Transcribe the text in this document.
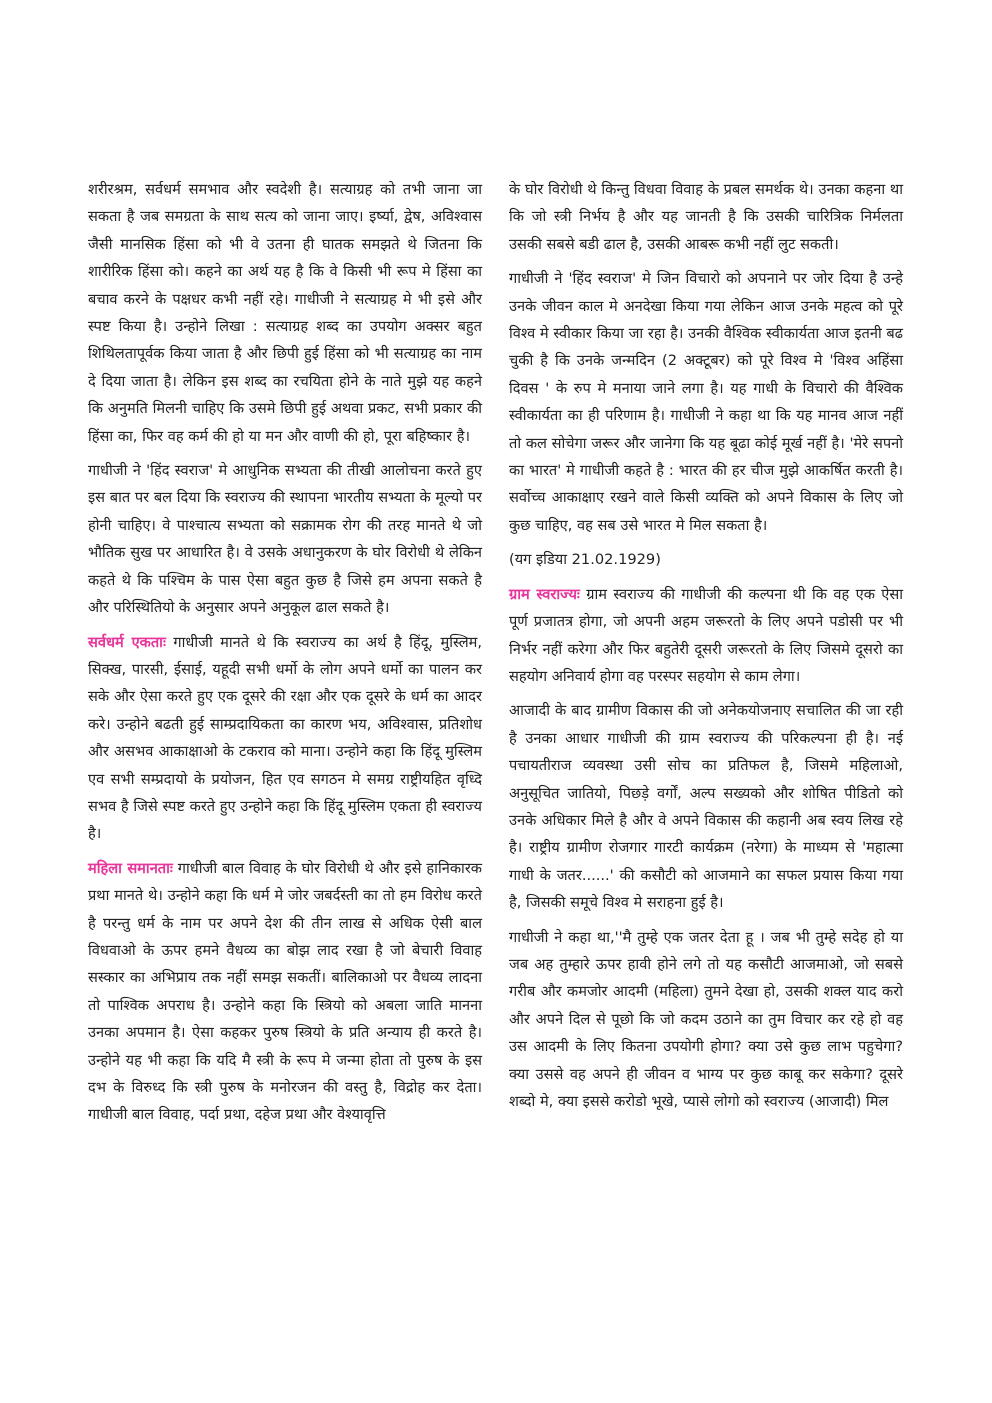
शरीरश्रम, सर्वधर्म समभाव और स्वदेशी है। सत्याग्रह को तभी जाना जा सकता है जब समग्रता के साथ सत्य को जाना जाए। इर्ष्या, द्वेष, अविश्वास जैसी मानसिक हिंसा को भी वे उतना ही घातक समझते थे जितना कि शारीरिक हिंसा को। कहने का अर्थ यह है कि वे किसी भी रूप मे हिंसा का बचाव करने के पक्षधर कभी नहीं रहे। गाधीजी ने सत्याग्रह मे भी इसे और स्पष्ट किया है। उन्होने लिखा : सत्याग्रह शब्द का उपयोग अक्सर बहुत शिथिलतापूर्वक किया जाता है और छिपी हुई हिंसा को भी सत्याग्रह का नाम दे दिया जाता है। लेकिन इस शब्द का रचयिता होने के नाते मुझे यह कहने कि अनुमति मिलनी चाहिए कि उसमे छिपी हुई अथवा प्रकट, सभी प्रकार की हिंसा का, फिर वह कर्म की हो या मन और वाणी की हो, पूरा बहिष्कार है।

गाधीजी ने 'हिंद स्वराज' मे आधुनिक सभ्यता की तीखी आलोचना करते हुए इस बात पर बल दिया कि स्वराज्य की स्थापना भारतीय सभ्यता के मूल्यो पर होनी चाहिए। वे पाश्चात्य सभ्यता को सक्रामक रोग की तरह मानते थे जो भौतिक सुख पर आधारित है। वे उसके अधानुकरण के घोर विरोधी थे लेकिन कहते थे कि पश्चिम के पास ऐसा बहुत कुछ है जिसे हम अपना सकते है और परिस्थितियो के अनुसार अपने अनुकूल ढाल सकते है।

सर्वधर्म एकताः गाधीजी मानते थे कि स्वराज्य का अर्थ है हिंदू, मुस्लिम, सिक्ख, पारसी, ईसाई, यहूदी सभी धर्मो के लोग अपने धर्मो का पालन कर सके और ऐसा करते हुए एक दूसरे की रक्षा और एक दूसरे के धर्म का आदर करे। उन्होने बढती हुई साम्प्रदायिकता का कारण भय, अविश्वास, प्रतिशोध और असभव आकाक्षाओ के टकराव को माना। उन्होने कहा कि हिंदू मुस्लिम एव सभी सम्प्रदायो के प्रयोजन, हित एव सगठन मे समग्र राष्ट्रीयहित वृध्दि सभव है जिसे स्पष्ट करते हुए उन्होने कहा कि हिंदू मुस्लिम एकता ही स्वराज्य है।

महिला समानताः गाधीजी बाल विवाह के घोर विरोधी थे और इसे हानिकारक प्रथा मानते थे। उन्होने कहा कि धर्म मे जोर जबर्दस्ती का तो हम विरोध करते है परन्तु धर्म के नाम पर अपने देश की तीन लाख से अधिक ऐसी बाल विधवाओ के ऊपर हमने वैधव्य का बोझ लाद रखा है जो बेचारी विवाह सस्कार का अभिप्राय तक नहीं समझ सकतीं। बालिकाओ पर वैधव्य लादना तो पाश्विक अपराध है। उन्होने कहा कि स्त्रियो को अबला जाति मानना उनका अपमान है। ऐसा कहकर पुरुष स्त्रियो के प्रति अन्याय ही करते है। उन्होने यह भी कहा कि यदि मै स्त्री के रूप मे जन्मा होता तो पुरुष के इस दभ के विरुध्द कि स्त्री पुरुष के मनोरजन की वस्तु है, विद्रोह कर देता। गाधीजी बाल विवाह, पर्दा प्रथा, दहेज प्रथा और वेश्यावृत्ति

के घोर विरोधी थे किन्तु विधवा विवाह के प्रबल समर्थक थे। उनका कहना था कि जो स्त्री निर्भय है और यह जानती है कि उसकी चारित्रिक निर्मलता उसकी सबसे बडी ढाल है, उसकी आबरू कभी नहीं लुट सकती।

गाधीजी ने 'हिंद स्वराज' मे जिन विचारो को अपनाने पर जोर दिया है उन्हे उनके जीवन काल मे अनदेखा किया गया लेकिन आज उनके महत्व को पूरे विश्व मे स्वीकार किया जा रहा है। उनकी वैश्विक स्वीकार्यता आज इतनी बढ चुकी है कि उनके जन्मदिन (2 अक्टूबर) को पूरे विश्व मे 'विश्व अहिंसा दिवस ' के रुप मे मनाया जाने लगा है। यह गाधी के विचारो की वैश्विक स्वीकार्यता का ही परिणाम है। गाधीजी ने कहा था कि यह मानव आज नहीं तो कल सोचेगा जरूर और जानेगा कि यह बूढा कोई मूर्ख नहीं है। 'मेरे सपनो का भारत' मे गाधीजी कहते है : भारत की हर चीज मुझे आकर्षित करती है। सर्वोच्च आकाक्षाए रखने वाले किसी व्यक्ति को अपने विकास के लिए जो कुछ चाहिए, वह सब उसे भारत मे मिल सकता है।

(यग इडिया 21.02.1929)

ग्राम स्वराज्यः ग्राम स्वराज्य की गाधीजी की कल्पना थी कि वह एक ऐसा पूर्ण प्रजातत्र होगा, जो अपनी अहम जरूरतो के लिए अपने पडोसी पर भी निर्भर नहीं करेगा और फिर बहुतेरी दूसरी जरूरतो के लिए जिसमे दूसरो का सहयोग अनिवार्य होगा वह परस्पर सहयोग से काम लेगा।

आजादी के बाद ग्रामीण विकास की जो अनेकयोजनाए सचालित की जा रही है उनका आधार गाधीजी की ग्राम स्वराज्य की परिकल्पना ही है। नई पचायतीराज व्यवस्था उसी सोच का प्रतिफल है, जिसमे महिलाओ, अनुसूचित जातियो, पिछड़े वर्गों, अल्प सख्यको और शोषित पीडितो को उनके अधिकार मिले है और वे अपने विकास की कहानी अब स्वय लिख रहे है। राष्ट्रीय ग्रामीण रोजगार गारटी कार्यक्रम (नरेगा) के माध्यम से 'महात्मा गाधी के जतर......' की कसौटी को आजमाने का सफल प्रयास किया गया है, जिसकी समूचे विश्व मे सराहना हुई है।

गाधीजी ने कहा था,''मै तुम्हे एक जतर देता हू । जब भी तुम्हे सदेह हो या जब अह तुम्हारे ऊपर हावी होने लगे तो यह कसौटी आजमाओ, जो सबसे गरीब और कमजोर आदमी (महिला) तुमने देखा हो, उसकी शक्ल याद करो और अपने दिल से पूछो कि जो कदम उठाने का तुम विचार कर रहे हो वह उस आदमी के लिए कितना उपयोगी होगा? क्या उसे कुछ लाभ पहुचेगा? क्या उससे वह अपने ही जीवन व भाग्य पर कुछ काबू कर सकेगा? दूसरे शब्दो मे, क्या इससे करोडो भूखे, प्यासे लोगो को स्वराज्य (आजादी) मिल
